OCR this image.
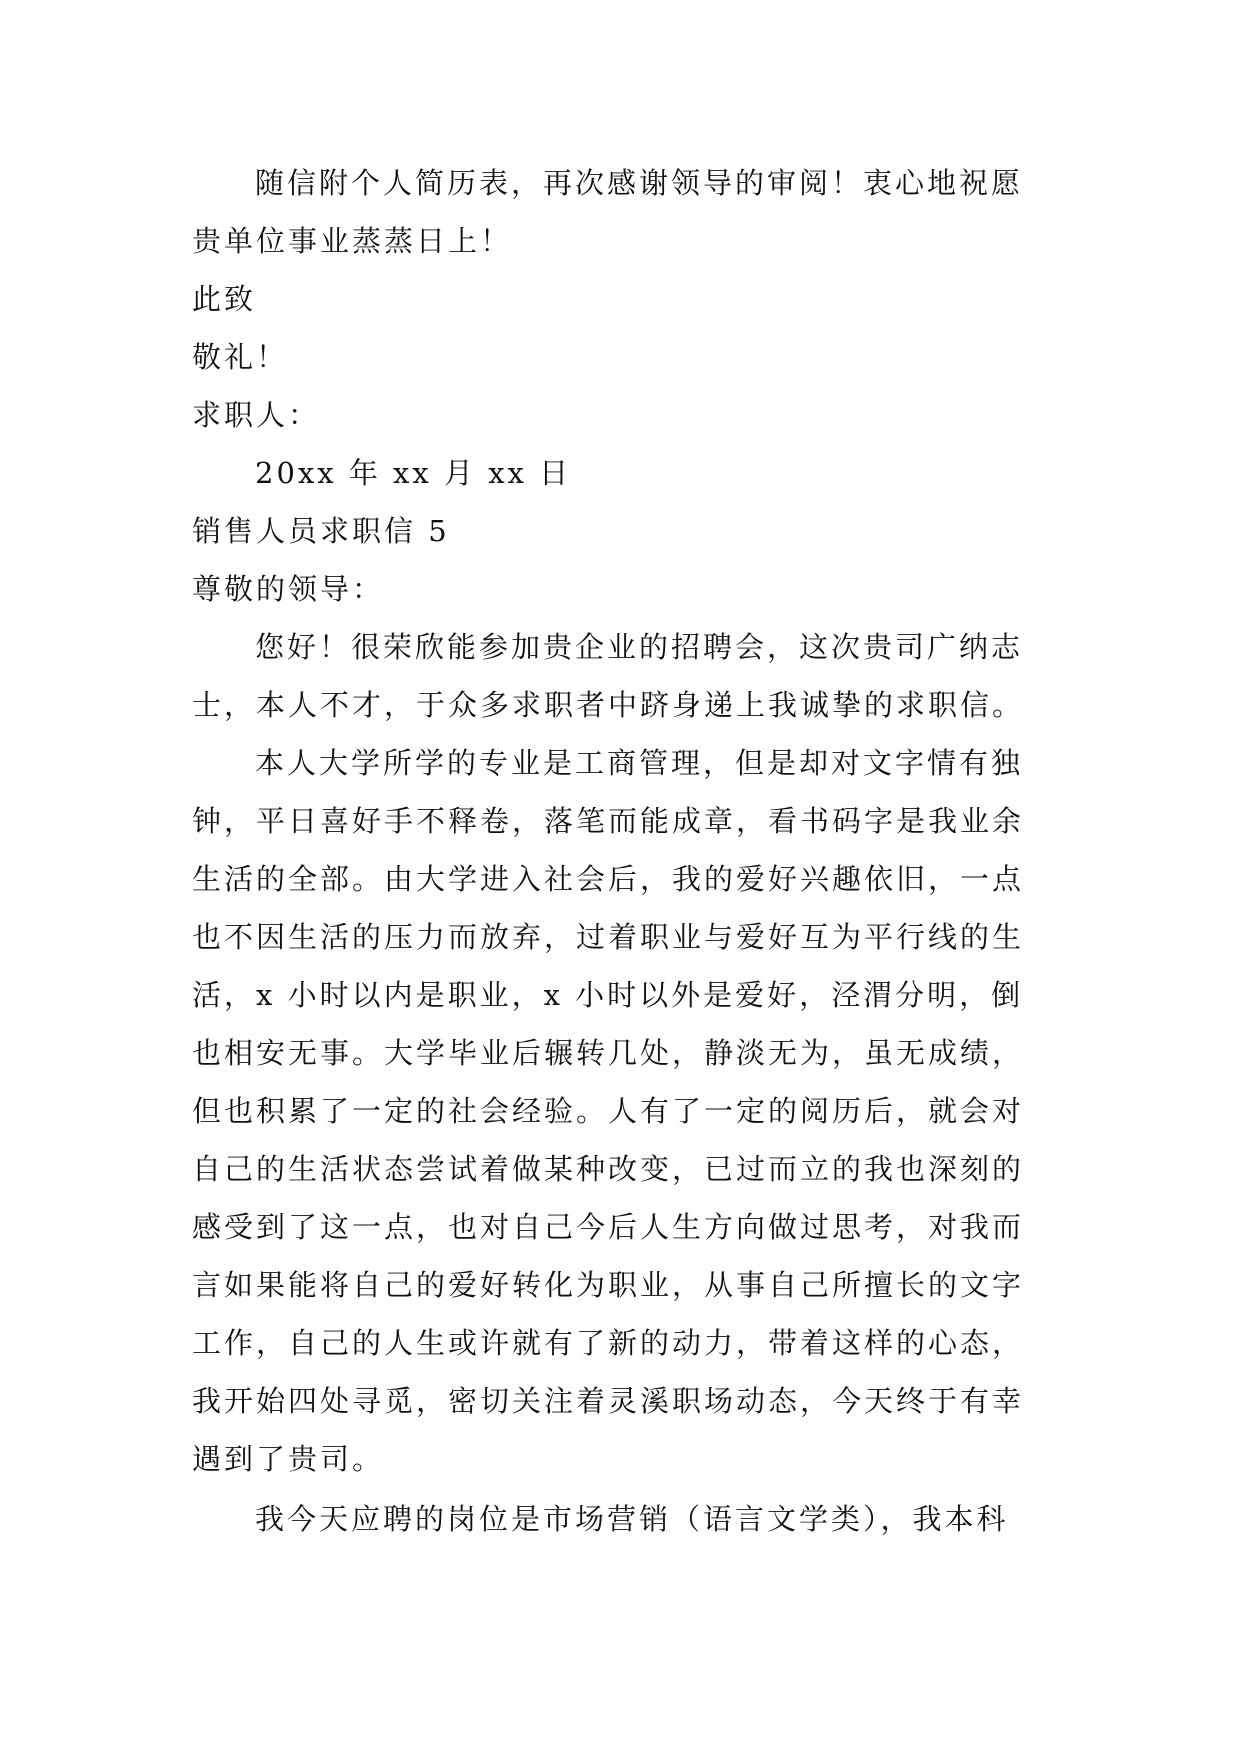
随信附个人简历表，再次感谢领导的审阅！衷心地祝愿
贵单位事业蒸蒸日上！
此致
敬礼！
求职人：
20xx 年 xx 月 xx 日
销售人员求职信 5
尊敬的领导：
您好！很荣欣能参加贵企业的招聘会，这次贵司广纳志
士，本人不才，于众多求职者中跻身递上我诚挚的求职信。
本人大学所学的专业是工商管理，但是却对文字情有独
钟，平日喜好手不释卷，落笔而能成章，看书码字是我业余
生活的全部。由大学进入社会后，我的爱好兴趣依旧，一点
也不因生活的压力而放弃，过着职业与爱好互为平行线的生
活，x 小时以内是职业，x 小时以外是爱好，泾渭分明，倒
也相安无事。大学毕业后辗转几处，静淡无为，虽无成绩，
但也积累了一定的社会经验。人有了一定的阅历后，就会对
自己的生活状态尝试着做某种改变，已过而立的我也深刻的
感受到了这一点，也对自己今后人生方向做过思考，对我而
言如果能将自己的爱好转化为职业，从事自己所擅长的文字
工作，自己的人生或许就有了新的动力，带着这样的心态，
我开始四处寻觅，密切关注着灵溪职场动态，今天终于有幸
遇到了贵司。
我今天应聘的岗位是市场营销（语言文学类），我本科
